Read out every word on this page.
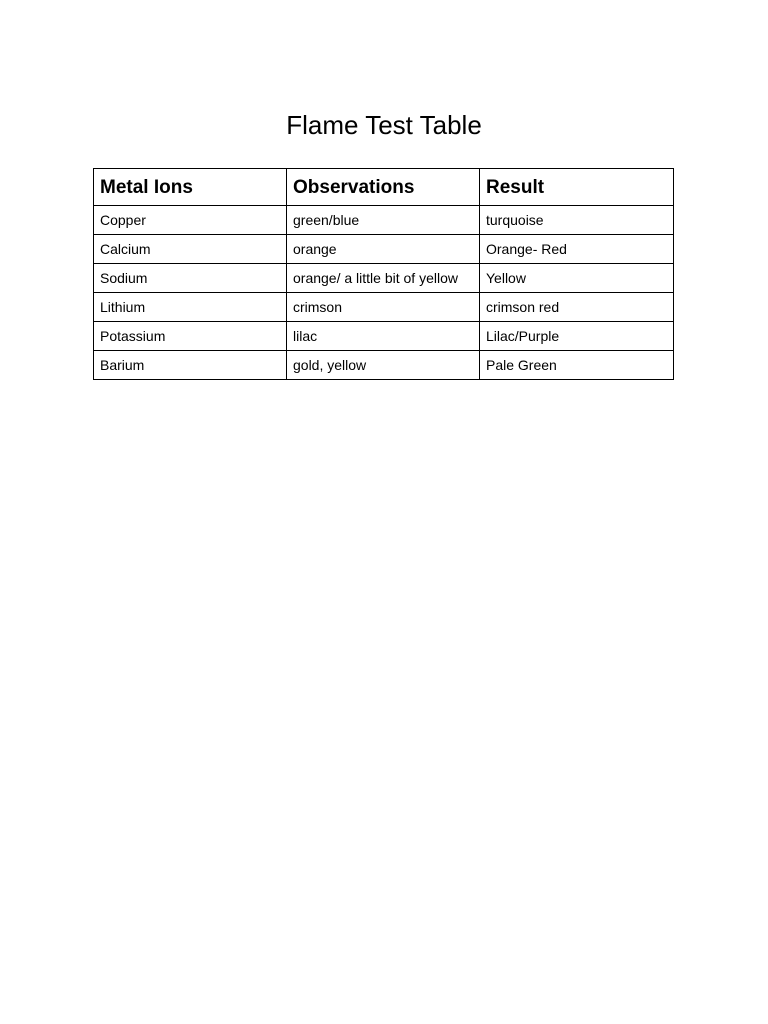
Flame Test Table
Metal Ions	Observations	Result
Copper	green/blue	turquoise
Calcium	orange	Orange- Red
Sodium	orange/ a little bit of yellow	Yellow
Lithium	crimson	crimson red
Potassium	lilac	Lilac/Purple
Barium	gold, yellow	Pale Green
